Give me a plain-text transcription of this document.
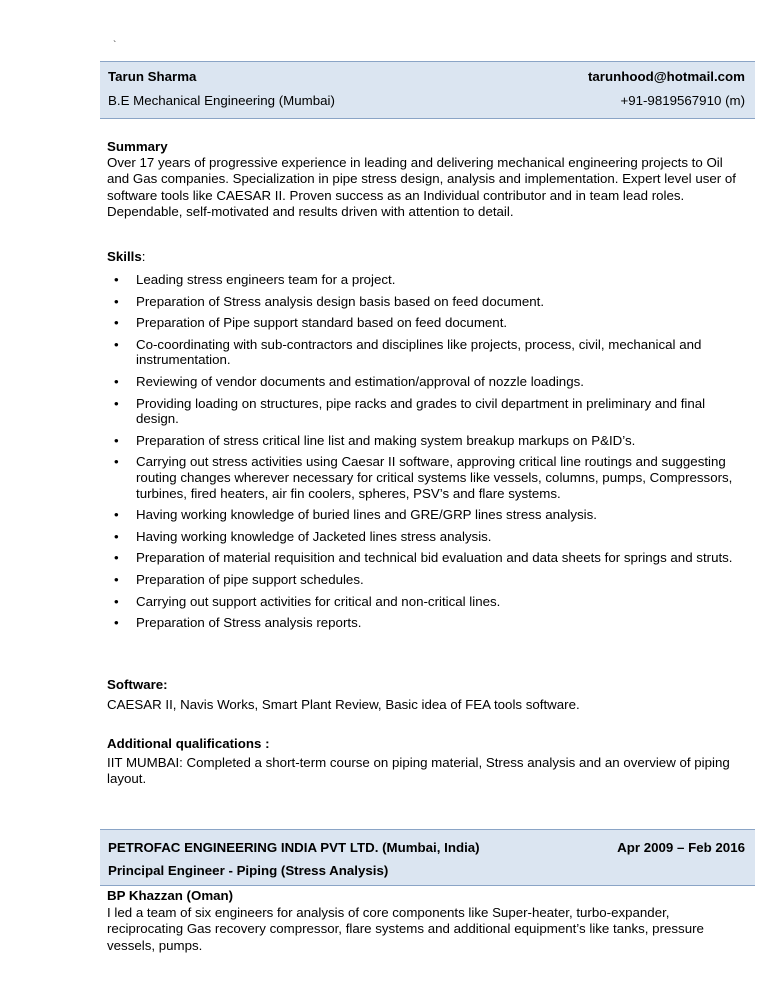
`
Tarun Sharma	tarunhood@hotmail.com
B.E Mechanical Engineering (Mumbai)	+91-9819567910 (m)
Summary
Over 17 years of progressive experience in leading and delivering mechanical engineering projects to Oil and Gas companies. Specialization in pipe stress design, analysis and implementation. Expert level user of software tools like CAESAR II. Proven success as an Individual contributor and in team lead roles. Dependable, self-motivated and results driven with attention to detail.
Skills:
• Leading stress engineers team for a project.
• Preparation of Stress analysis design basis based on feed document.
• Preparation of Pipe support standard based on feed document.
• Co-coordinating with sub-contractors and disciplines like projects, process, civil, mechanical and instrumentation.
• Reviewing of vendor documents and estimation/approval of nozzle loadings.
• Providing loading on structures, pipe racks and grades to civil department in preliminary and final design.
• Preparation of stress critical line list and making system breakup markups on P&ID’s.
• Carrying out stress activities using Caesar II software, approving critical line routings and suggesting routing changes wherever necessary for critical systems like vessels, columns, pumps, Compressors, turbines, fired heaters, air fin coolers, spheres, PSV’s and flare systems.
• Having working knowledge of buried lines and GRE/GRP lines stress analysis.
• Having working knowledge of Jacketed lines stress analysis.
• Preparation of material requisition and technical bid evaluation and data sheets for springs and struts.
• Preparation of pipe support schedules.
• Carrying out support activities for critical and non-critical lines.
• Preparation of Stress analysis reports.
Software:
CAESAR II, Navis Works, Smart Plant Review, Basic idea of FEA tools software.
Additional qualifications :
IIT MUMBAI: Completed a short-term course on piping material, Stress analysis and an overview of piping layout.
PETROFAC ENGINEERING INDIA PVT LTD. (Mumbai, India)	Apr 2009 – Feb 2016
Principal Engineer - Piping (Stress Analysis)
BP Khazzan (Oman)
I led a team of six engineers for analysis of core components like Super-heater, turbo-expander, reciprocating Gas recovery compressor, flare systems and additional equipment’s like tanks, pressure vessels, pumps.
